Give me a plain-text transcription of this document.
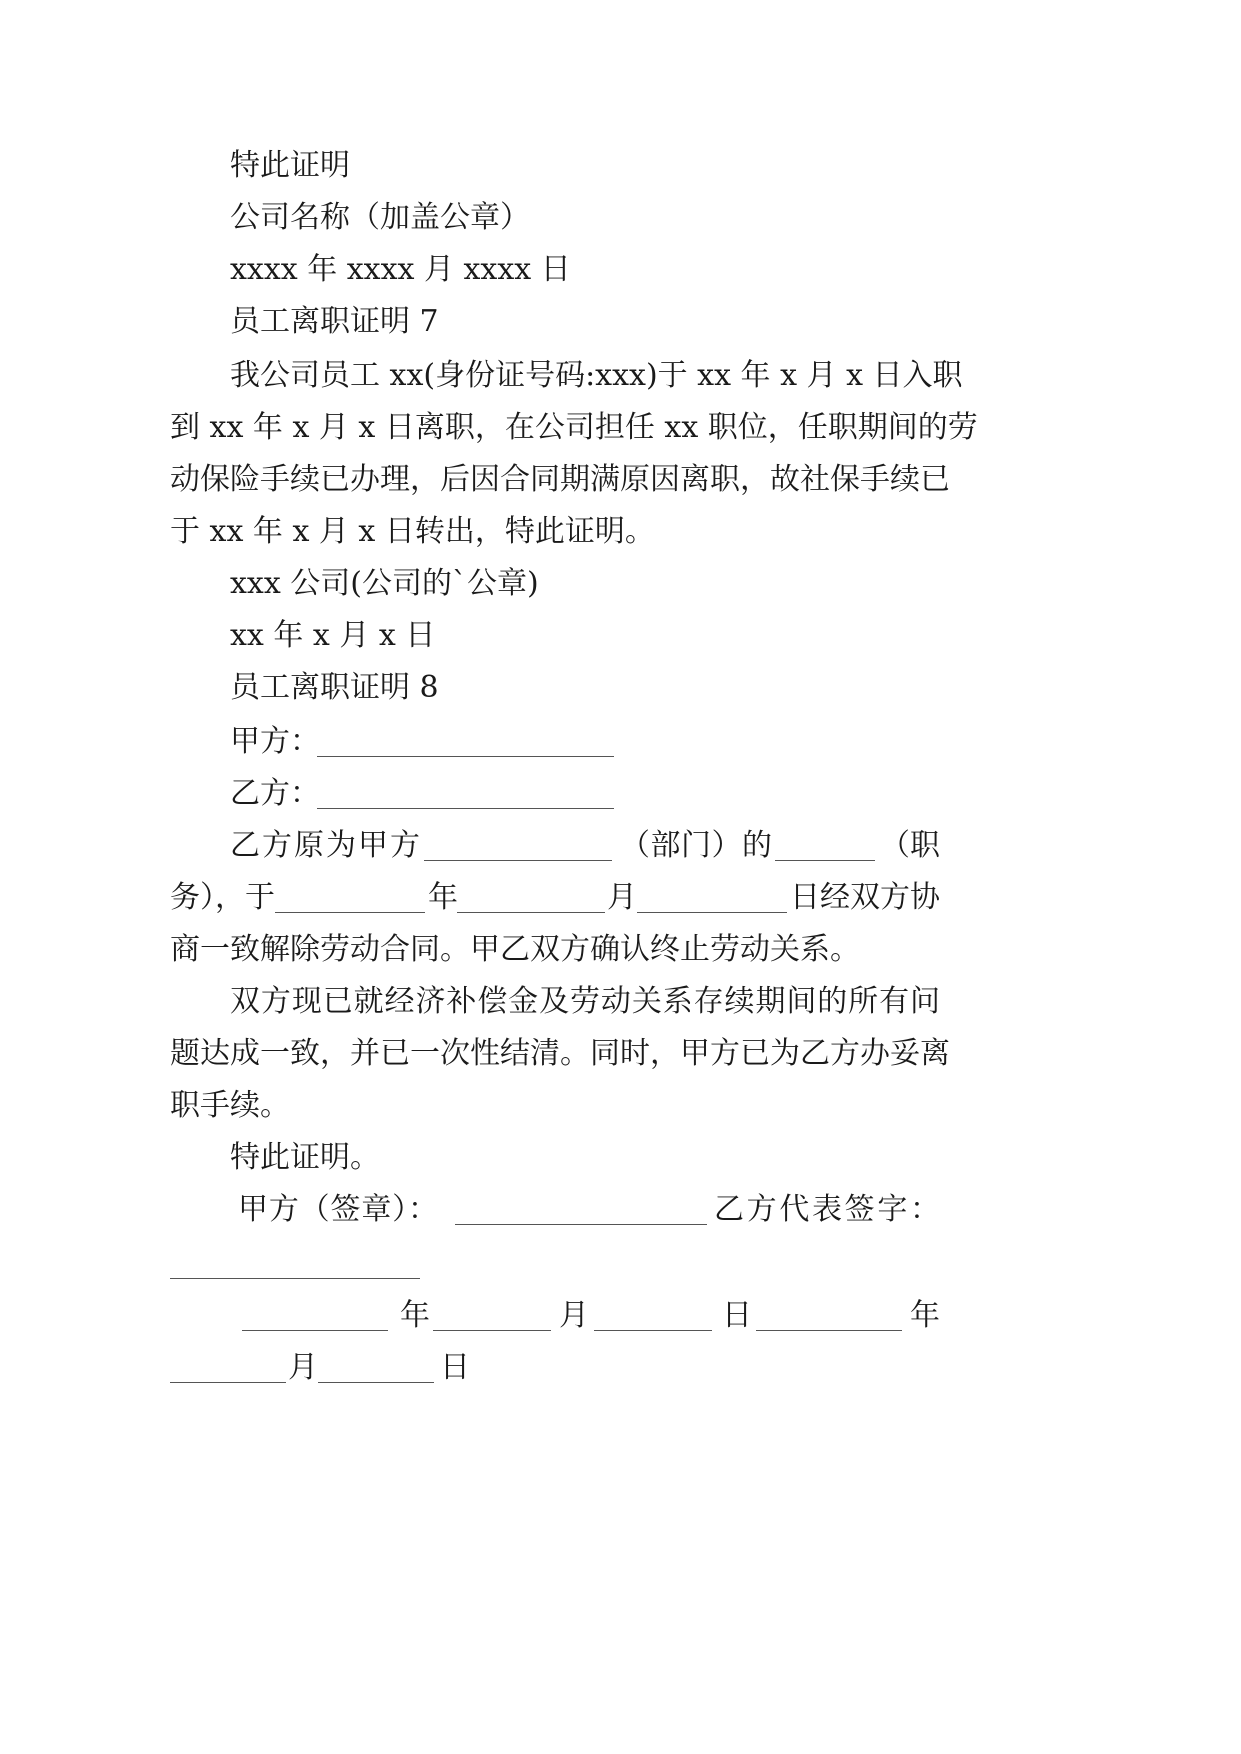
特此证明
公司名称（加盖公章）
xxxx 年 xxxx 月 xxxx 日
员工离职证明 7
我公司员工 xx(身份证号码:xxx)于 xx 年 x 月 x 日入职
到 xx 年 x 月 x 日离职，在公司担任 xx 职位，任职期间的劳
动保险手续已办理，后因合同期满原因离职，故社保手续已
于 xx 年 x 月 x 日转出，特此证明。
xxx 公司(公司的`公章)
xx 年 x 月 x 日
员工离职证明 8
甲方：
乙方：
乙方原为甲方	（部门）的	（职
务），于	年	月	日经双方协
商一致解除劳动合同。甲乙双方确认终止劳动关系。
双方现已就经济补偿金及劳动关系存续期间的所有问
题达成一致，并已一次性结清。同时，甲方已为乙方办妥离
职手续。
特此证明。
甲方（签章）：	乙方代表签字：
年	月	日	年
月	日
